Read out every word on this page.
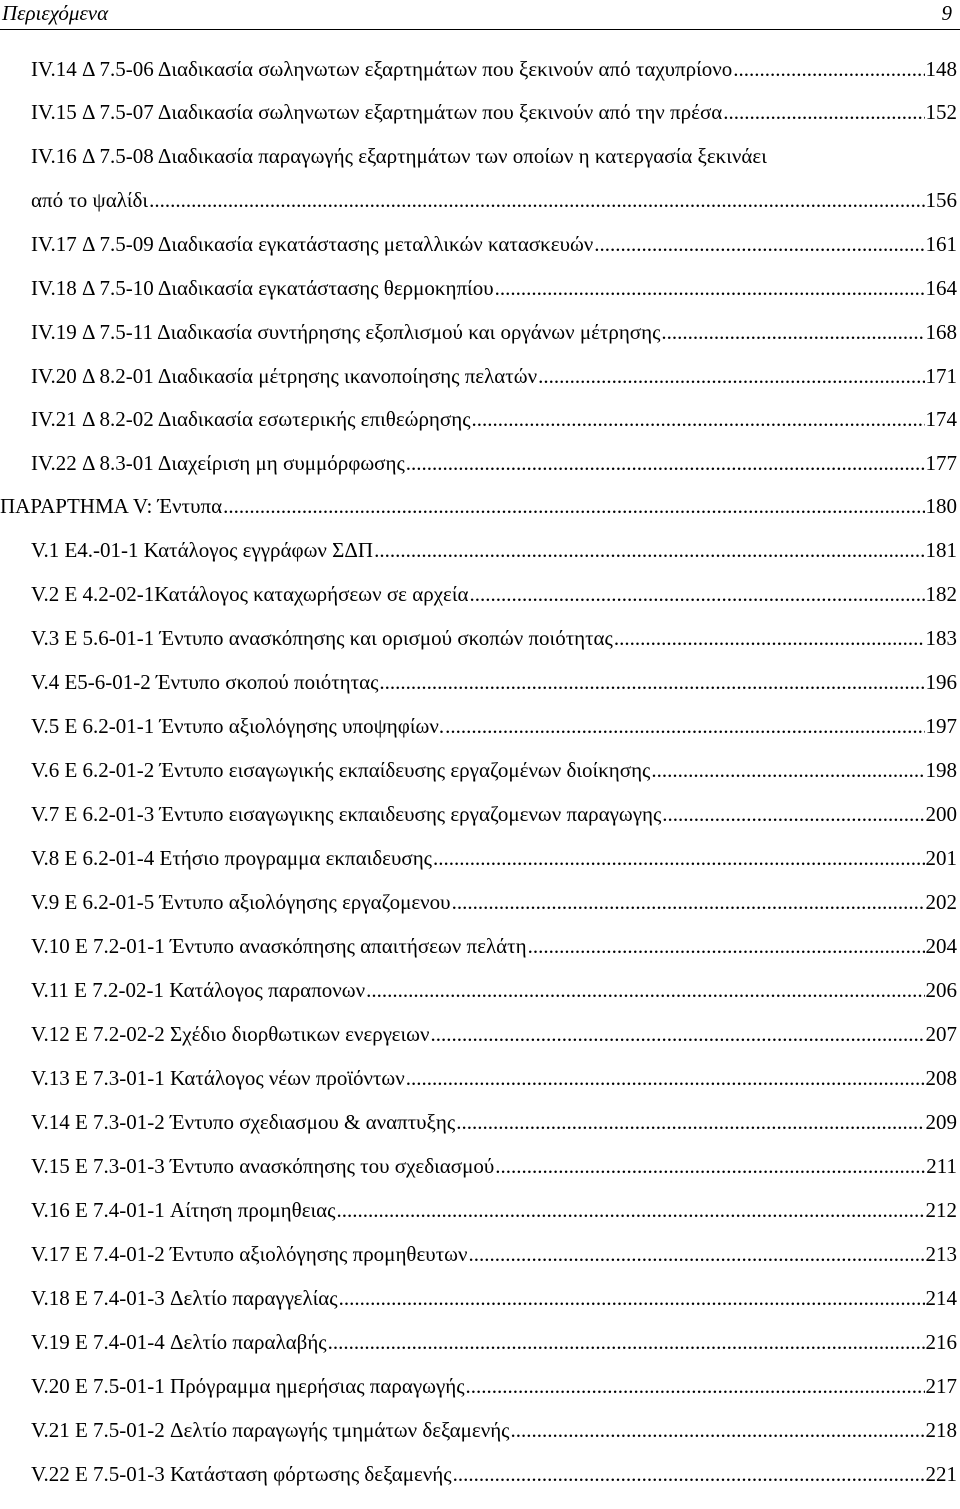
Περιεχόμενα	9
IV.14 Δ 7.5-06 Διαδικασία σωληνωτων εξαρτημάτων που ξεκινούν από ταχυπρίονο .....	148
IV.15 Δ 7.5-07 Διαδικασία σωληνωτων εξαρτημάτων που ξεκινούν από την πρέσα .....	152
IV.16 Δ 7.5-08 Διαδικασία παραγωγής εξαρτημάτων των οποίων η κατεργασία ξεκινάει
από το ψαλίδι .....	156
IV.17 Δ 7.5-09 Διαδικασία εγκατάστασης μεταλλικών κατασκευών .....	161
IV.18 Δ 7.5-10 Διαδικασία εγκατάστασης θερμοκηπίου .....	164
IV.19 Δ 7.5-11 Διαδικασία συντήρησης εξοπλισμού και οργάνων μέτρησης .....	168
IV.20 Δ 8.2-01 Διαδικασία μέτρησης ικανοποίησης πελατών .....	171
IV.21 Δ 8.2-02 Διαδικασία εσωτερικής επιθεώρησης .....	174
IV.22 Δ 8.3-01 Διαχείριση μη συμμόρφωσης .....	177
ΠΑΡΑΡΤΗΜΑ V: Έντυπα .....	180
V.1 E4.-01-1 Κατάλογος εγγράφων ΣΔΠ .....	181
V.2 E 4.2-02-1Κατάλογος καταχωρήσεων σε αρχεία .....	182
V.3 E 5.6-01-1 Έντυπο ανασκόπησης και ορισμού σκοπών ποιότητας .....	183
V.4 E5-6-01-2 Έντυπο σκοπού ποιότητας .....	196
V.5 E 6.2-01-1 Έντυπο αξιολόγησης υποψηφίων. .....	197
V.6 E 6.2-01-2 Έντυπο εισαγωγικής εκπαίδευσης εργαζομένων διοίκησης .....	198
V.7 E 6.2-01-3 Έντυπο εισαγωγικης εκπαιδευσης εργαζομενων παραγωγης .....	200
V.8 E 6.2-01-4 Ετήσιο προγραμμα εκπαιδευσης .....	201
V.9 E 6.2-01-5 Έντυπο αξιολόγησης εργαζομενου .....	202
V.10 E 7.2-01-1 Έντυπο ανασκόπησης απαιτήσεων πελάτη .....	204
V.11 E 7.2-02-1 Κατάλογος παραπονων .....	206
V.12 E 7.2-02-2 Σχέδιο διορθωτικων ενεργειων .....	207
V.13 E 7.3-01-1 Κατάλογος νέων προϊόντων .....	208
V.14 E 7.3-01-2 Έντυπο σχεδιασμου & αναπτυξης .....	209
V.15 E 7.3-01-3 Έντυπο ανασκόπησης του σχεδιασμού .....	211
V.16 E 7.4-01-1 Αίτηση προμηθειας .....	212
V.17 E 7.4-01-2 Έντυπο αξιολόγησης προμηθευτων .....	213
V.18 E 7.4-01-3 Δελτίο παραγγελίας .....	214
V.19 E 7.4-01-4 Δελτίο παραλαβής .....	216
V.20 E 7.5-01-1 Πρόγραμμα ημερήσιας παραγωγής .....	217
V.21 E 7.5-01-2 Δελτίο παραγωγής τμημάτων δεξαμενής .....	218
V.22 E 7.5-01-3 Κατάσταση φόρτωσης δεξαμενής .....	221
